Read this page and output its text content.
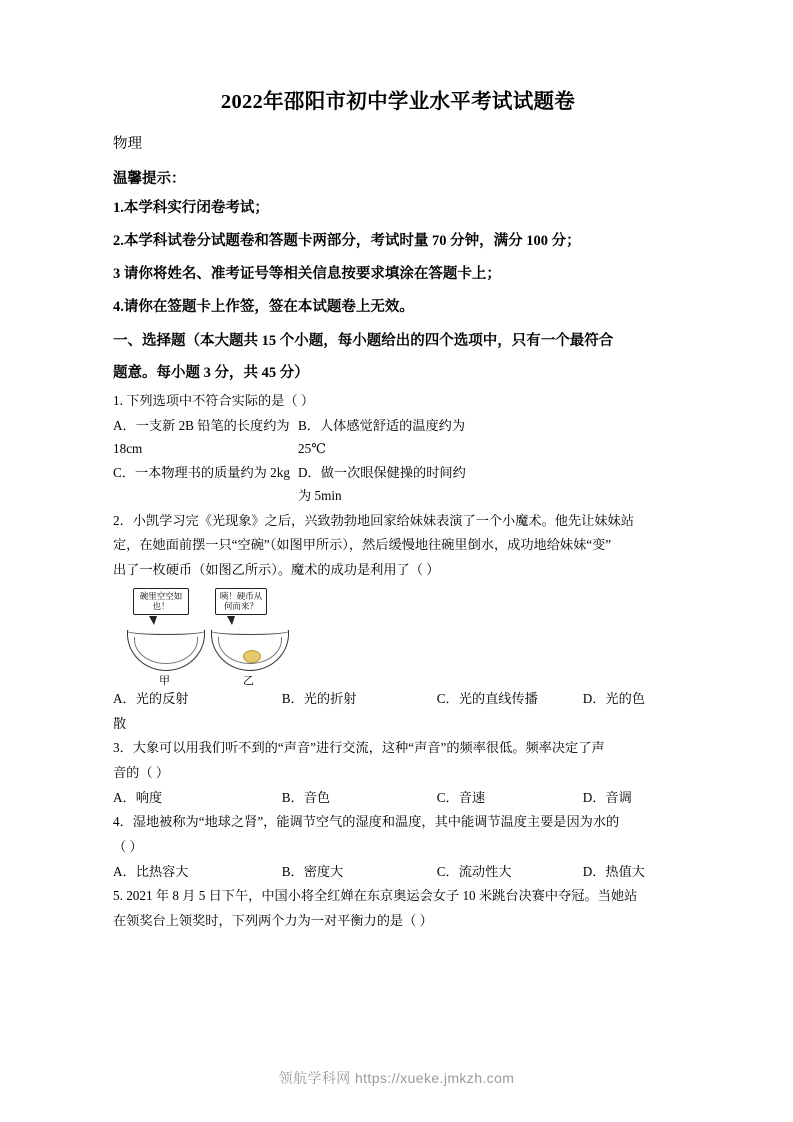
2022年邵阳市初中学业水平考试试题卷

物理

温馨提示：

1.本学科实行闭卷考试；

2.本学科试卷分试题卷和答题卡两部分，考试时量 70 分钟，满分 100 分；

3 请你将姓名、准考证号等相关信息按要求填涂在答题卡上；

4.请你在签题卡上作签，签在本试题卷上无效。

一、选择题（本大题共 15 个小题，每小题给出的四个选项中，只有一个最符合

题意。每小题 3 分，共 45 分）

1. 下列选项中不符合实际的是（ ）

A．一支新 2B 铅笔的长度约为 18cm
B．人体感觉舒适的温度约为 25℃
C．一本物理书的质量约为 2kg D．做一次眼保健操的时间约为 5min

2．小凯学习完《光现象》之后，兴致勃勃地回家给妹妹表演了一个小魔术。他先让妹妹站

定，在她面前摆一只“空碗”（如图甲所示），然后缓慢地往碗里倒水，成功地给妹妹“变”

出了一枚硬币（如图乙所示）。魔术的成功是利用了（ ）

碗里空空如也！
咦！硬币从何而来？
甲	乙
A．光的反射	B．光的折射	C．光的直线传播	D．光的色

散

3．大象可以用我们听不到的“声音”进行交流，这种“声音”的频率很低。频率决定了声

音的（ ）

A．响度	B．音色	C．音速	D．音调

4．湿地被称为“地球之肾”，能调节空气的湿度和温度，其中能调节温度主要是因为水的

（ ）

A．比热容大	B．密度大	C．流动性大	D．热值大

5. 2021 年 8 月 5 日下午，中国小将全红婵在东京奥运会女子 10 米跳台决赛中夺冠。当她站

在领奖台上领奖时，下列两个力为一对平衡力的是（ ）

领航学科网 https://xueke.jmkzh.com
